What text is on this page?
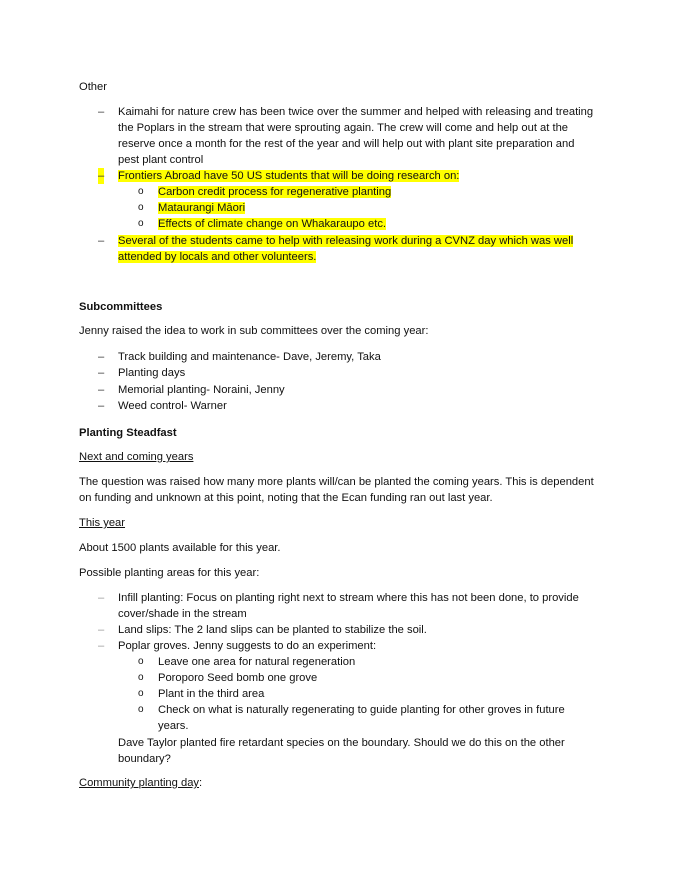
Other
– Kaimahi for nature crew has been twice over the summer and helped with releasing and treating the Poplars in the stream that were sprouting again. The crew will come and help out at the reserve once a month for the rest of the year and will help out with plant site preparation and pest plant control
– Frontiers Abroad have 50 US students that will be doing research on:
o Carbon credit process for regenerative planting
o Mataurangi Māori
o Effects of climate change on Whakaraupo etc.
– Several of the students came to help with releasing work during a CVNZ day which was well attended by locals and other volunteers.
Subcommittees
Jenny raised the idea to work in sub committees over the coming year:
– Track building and maintenance- Dave, Jeremy, Taka
– Planting days
– Memorial planting- Noraini, Jenny
– Weed control- Warner
Planting Steadfast
Next and coming years
The question was raised how many more plants will/can be planted the coming years. This is dependent on funding and unknown at this point, noting that the Ecan funding ran out last year.
This year
About 1500 plants available for this year.
Possible planting areas for this year:
– Infill planting: Focus on planting right next to stream where this has not been done, to provide cover/shade in the stream
– Land slips: The 2 land slips can be planted to stabilize the soil.
– Poplar groves. Jenny suggests to do an experiment:
o Leave one area for natural regeneration
o Poroporo Seed bomb one grove
o Plant in the third area
o Check on what is naturally regenerating to guide planting for other groves in future years.
Dave Taylor planted fire retardant species on the boundary. Should we do this on the other boundary?
Community planting day:
